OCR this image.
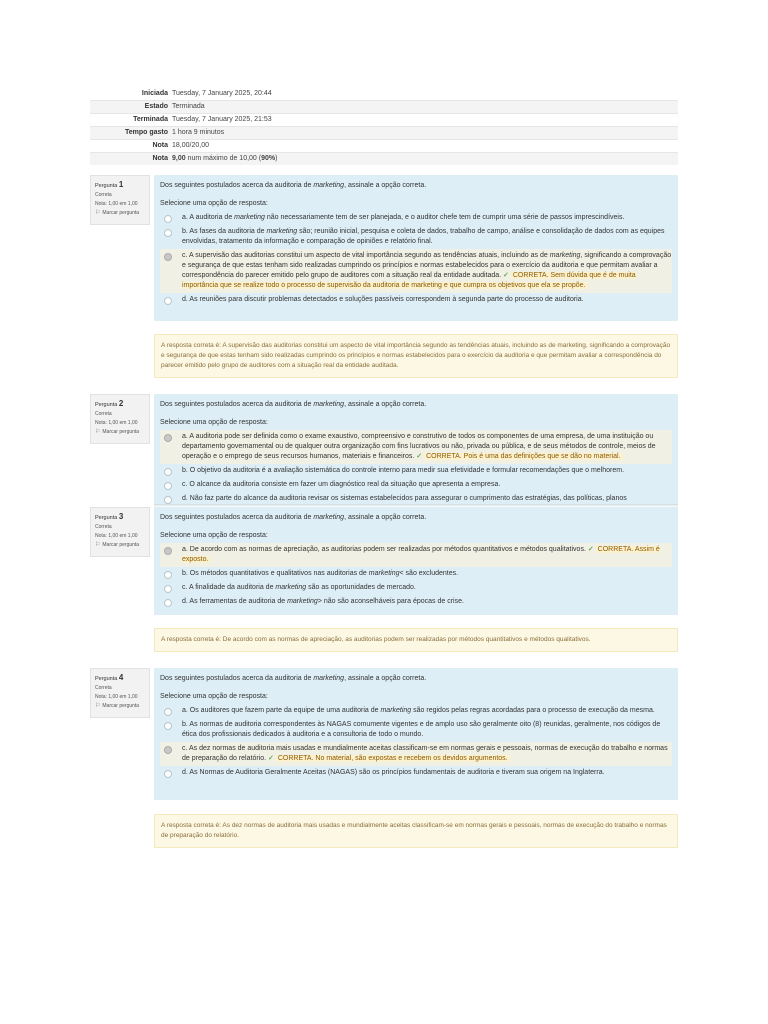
Iniciada Tuesday, 7 January 2025, 20:44
Estado Terminada
Terminada Tuesday, 7 January 2025, 21:53
Tempo gasto 1 hora 9 minutos
Nota 18,00/20,00
Nota 9,00 num máximo de 10,00 (90%)
Pergunta 1
Correta
Nota: 1,00 em 1,00
⚐ Marcar pergunta
Dos seguintes postulados acerca da auditoria de marketing, assinale a opção correta.
Selecione uma opção de resposta:
a. A auditoria de marketing não necessariamente tem de ser planejada, e o auditor chefe tem de cumprir uma série de passos imprescindíveis.
b. As fases da auditoria de marketing são; reunião inicial, pesquisa e coleta de dados, trabalho de campo, análise e consolidação de dados com as equipes envolvidas, tratamento da informação e comparação de opiniões e relatório final.
c. A supervisão das auditorias constitui um aspecto de vital importância segundo as tendências atuais, incluindo as de marketing, significando a comprovação e segurança de que estas tenham sido realizadas cumprindo os princípios e normas estabelecidos para o exercício da auditoria e que permitam avaliar a correspondência do parecer emitido pelo grupo de auditores com a situação real da entidade auditada. ✓ CORRETA. Sem dúvida que é de muita importância que se realize todo o processo de supervisão da auditoria de marketing e que cumpra os objetivos que ela se propõe.
d. As reuniões para discutir problemas detectados e soluções passíveis correspondem à segunda parte do processo de auditoria.
A resposta correta é: A supervisão das auditorias constitui um aspecto de vital importância segundo as tendências atuais, incluindo as de marketing, significando a comprovação e segurança de que estas tenham sido realizadas cumprindo os princípios e normas estabelecidos para o exercício da auditoria e que permitam avaliar a correspondência do parecer emitido pelo grupo de auditores com a situação real da entidade auditada.
Pergunta 2
Correta
Nota: 1,00 em 1,00
⚐ Marcar pergunta
Dos seguintes postulados acerca da auditoria de marketing, assinale a opção correta.
Selecione uma opção de resposta:
a. A auditoria pode ser definida como o exame exaustivo, compreensivo e construtivo de todos os componentes de uma empresa, de uma instituição ou departamento governamental ou de qualquer outra organização com fins lucrativos ou não, privada ou pública, e de seus métodos de controle, meios de operação e o emprego de seus recursos humanos, materiais e financeiros. ✓ CORRETA. Pois é uma das definições que se dão no material.
b. O objetivo da auditoria é a avaliação sistemática do controle interno para medir sua efetividade e formular recomendações que o melhorem.
c. O alcance da auditoria consiste em fazer um diagnóstico real da situação que apresenta a empresa.
d. Não faz parte do alcance da auditoria revisar os sistemas estabelecidos para assegurar o cumprimento das estratégias, das políticas, planos
Pergunta 3
Correta
Nota: 1,00 em 1,00
⚐ Marcar pergunta
Dos seguintes postulados acerca da auditoria de marketing, assinale a opção correta.
Selecione uma opção de resposta:
a. De acordo com as normas de apreciação, as auditorias podem ser realizadas por métodos quantitativos e métodos qualitativos. ✓ CORRETA. Assim é exposto.
b. Os métodos quantitativos e qualitativos nas auditorias de marketing< são excludentes.
c. A finalidade da auditoria de marketing são as oportunidades de mercado.
d. As ferramentas de auditoria de marketing> não são aconselháveis para épocas de crise.
A resposta correta é: De acordo com as normas de apreciação, as auditorias podem ser realizadas por métodos quantitativos e métodos qualitativos.
Pergunta 4
Correta
Nota: 1,00 em 1,00
⚐ Marcar pergunta
Dos seguintes postulados acerca da auditoria de marketing, assinale a opção correta.
Selecione uma opção de resposta:
a. Os auditores que fazem parte da equipe de uma auditoria de marketing são regidos pelas regras acordadas para o processo de execução da mesma.
b. As normas de auditoria correspondentes às NAGAS comumente vigentes e de amplo uso são geralmente oito (8) reunidas, geralmente, nos códigos de ética dos profissionais dedicados à auditoria e a consultoria de todo o mundo.
c. As dez normas de auditoria mais usadas e mundialmente aceitas classificam-se em normas gerais e pessoais, normas de execução do trabalho e normas de preparação do relatório. ✓ CORRETA. No material, são expostas e recebem os devidos argumentos.
d. As Normas de Auditoria Geralmente Aceitas (NAGAS) são os princípios fundamentais de auditoria e tiveram sua origem na Inglaterra.
A resposta correta é: As dez normas de auditoria mais usadas e mundialmente aceitas classificam-se em normas gerais e pessoais, normas de execução do trabalho e normas de preparação do relatório.
